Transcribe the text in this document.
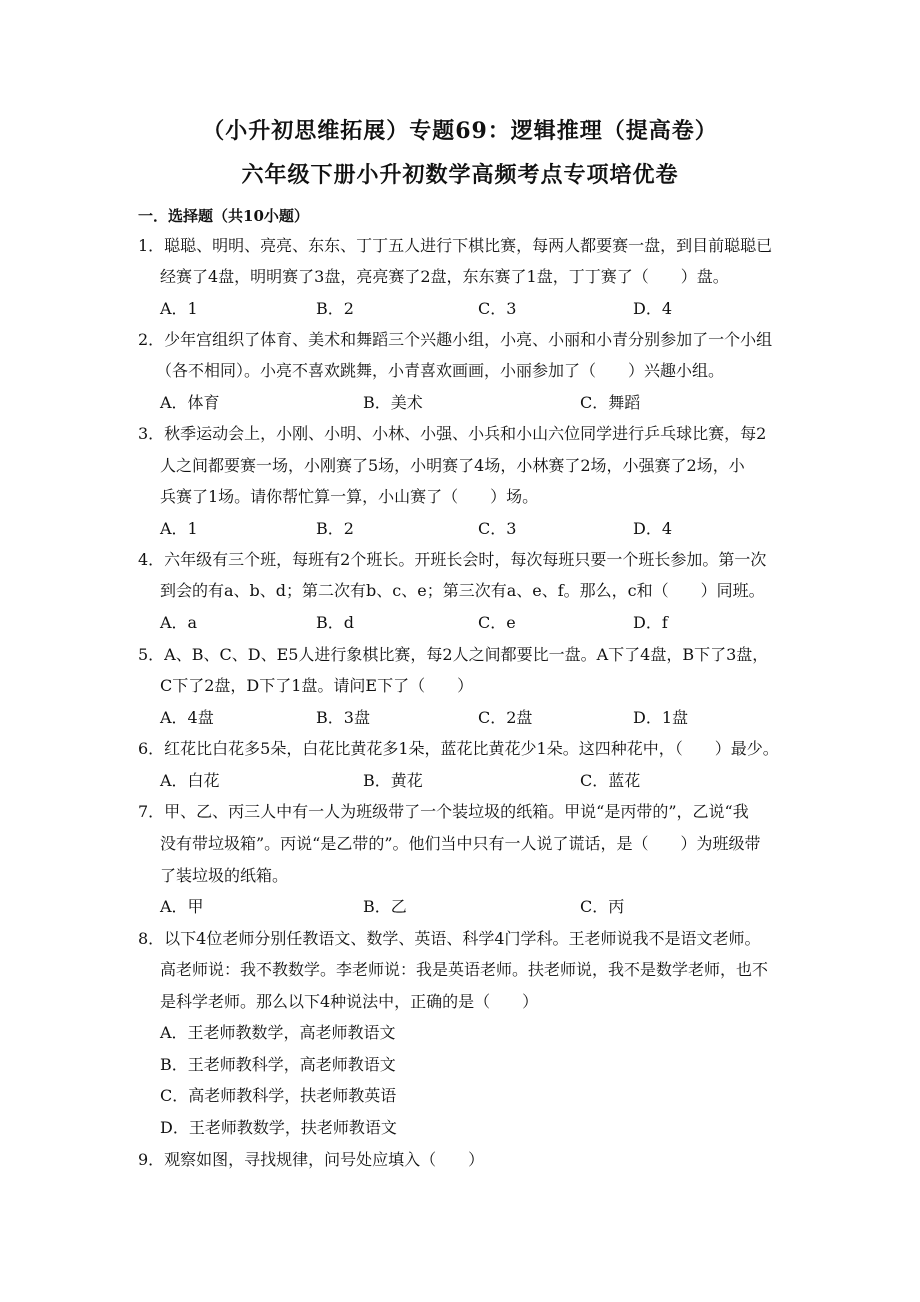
（小升初思维拓展）专题69：逻辑推理（提高卷）
六年级下册小升初数学高频考点专项培优卷
一．选择题（共10小题）
1．聪聪、明明、亮亮、东东、丁丁五人进行下棋比赛，每两人都要赛一盘，到目前聪聪已
经赛了4盘，明明赛了3盘，亮亮赛了2盘，东东赛了1盘，丁丁赛了（　　）盘。
A．1	B．2	C．3	D．4
2．少年宫组织了体育、美术和舞蹈三个兴趣小组，小亮、小丽和小青分别参加了一个小组
（各不相同）。小亮不喜欢跳舞，小青喜欢画画，小丽参加了（　　）兴趣小组。
A．体育	B．美术	C．舞蹈
3．秋季运动会上，小刚、小明、小林、小强、小兵和小山六位同学进行乒乓球比赛，每2
人之间都要赛一场，小刚赛了5场，小明赛了4场，小林赛了2场，小强赛了2场，小
兵赛了1场。请你帮忙算一算，小山赛了（　　）场。
A．1	B．2	C．3	D．4
4．六年级有三个班，每班有2个班长。开班长会时，每次每班只要一个班长参加。第一次
到会的有a、b、d；第二次有b、c、e；第三次有a、e、f。那么，c和（　　）同班。
A．a	B．d	C．e	D．f
5．A、B、C、D、E5人进行象棋比赛，每2人之间都要比一盘。A下了4盘，B下了3盘，
C下了2盘，D下了1盘。请问E下了（　　）
A．4盘	B．3盘	C．2盘	D．1盘
6．红花比白花多5朵，白花比黄花多1朵，蓝花比黄花少1朵。这四种花中，（　　）最少。
A．白花	B．黄花	C．蓝花
7．甲、乙、丙三人中有一人为班级带了一个装垃圾的纸箱。甲说“是丙带的”，乙说“我
没有带垃圾箱”。丙说“是乙带的”。他们当中只有一人说了谎话，是（　　）为班级带
了装垃圾的纸箱。
A．甲	B．乙	C．丙
8．以下4位老师分别任教语文、数学、英语、科学4门学科。王老师说我不是语文老师。
高老师说：我不教数学。李老师说：我是英语老师。扶老师说，我不是数学老师，也不
是科学老师。那么以下4种说法中，正确的是（　　）
A．王老师教数学，高老师教语文
B．王老师教科学，高老师教语文
C．高老师教科学，扶老师教英语
D．王老师教数学，扶老师教语文
9．观察如图，寻找规律，问号处应填入（　　）
